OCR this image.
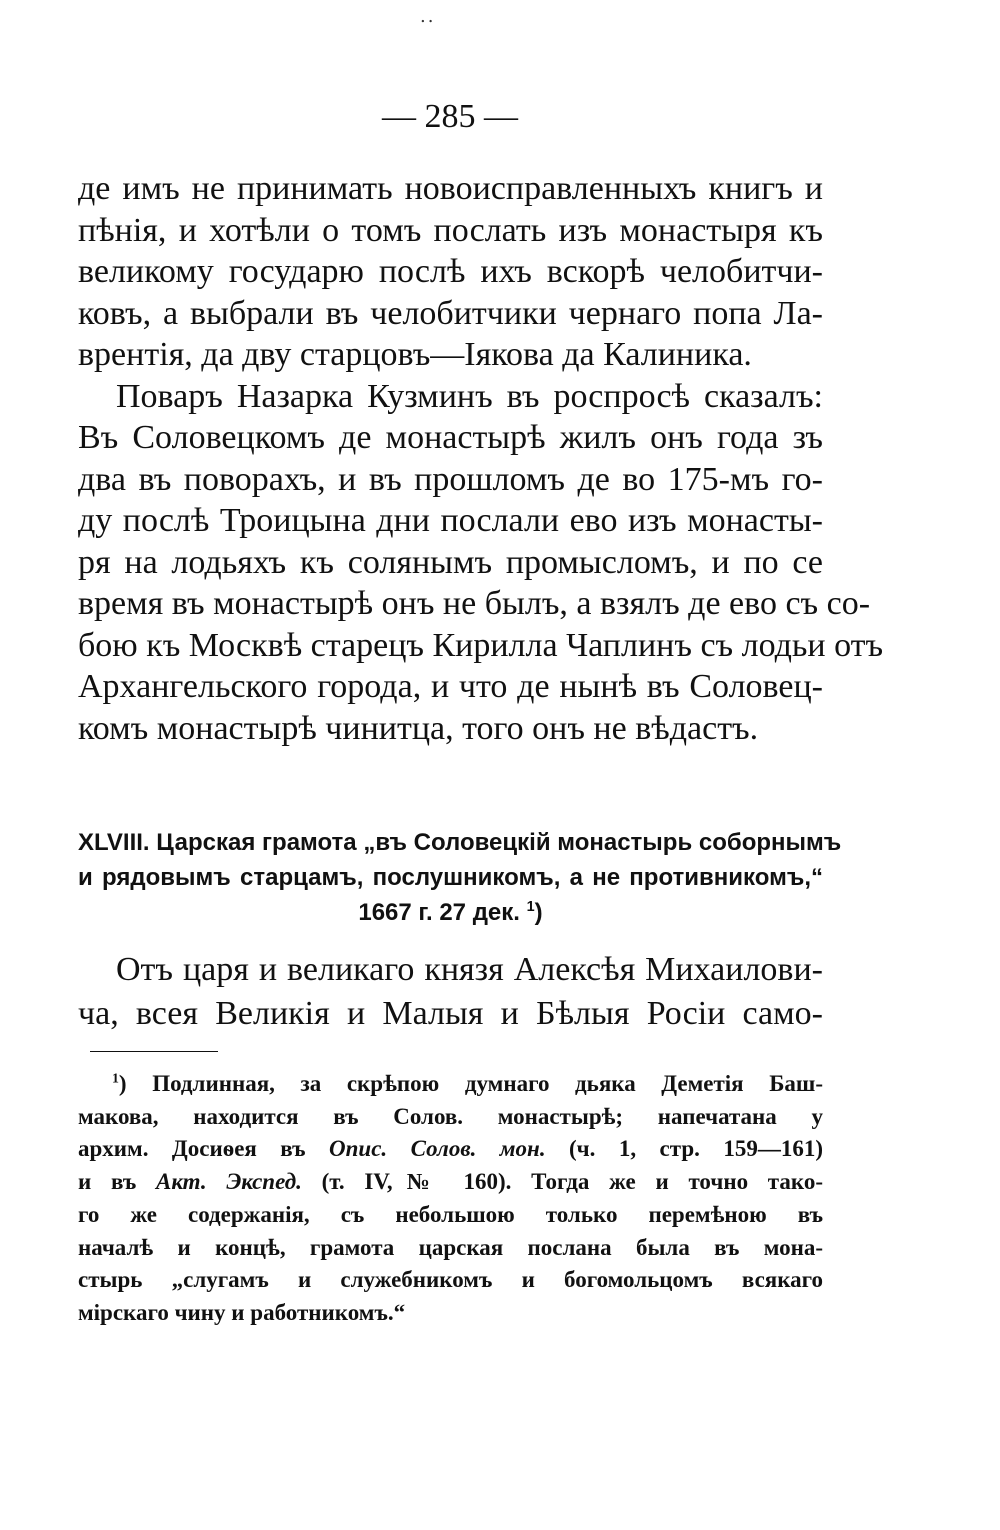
..
— 285 —
де имъ не принимать новоисправленныхъ книгъ и
пѣнія, и хотѣли о томъ послать изъ монастыря къ
великому государю послѣ ихъ вскорѣ челобитчи-
ковъ, а выбрали въ челобитчики чернаго попа Ла-
врентія, да дву старцовъ—Іякова да Калиника.
Поваръ Назарка Кузминъ въ роспросѣ сказалъ:
Въ Соловецкомъ де монастырѣ жилъ онъ года зъ
два въ поворахъ, и въ прошломъ де во 175-мъ го-
ду послѣ Троицына дни послали ево изъ монасты-
ря на лодьяхъ къ солянымъ промысломъ, и по се
время въ монастырѣ онъ не былъ, а взялъ де ево съ со-
бою къ Москвѣ старецъ Кирилла Чаплинъ съ лодьи отъ
Архангельского города, и что де нынѣ въ Соловец-
комъ монастырѣ чинитца, того онъ не вѣдастъ.
XLVIII. Царская грамота „въ Соловецкій монастырь соборнымъ
и рядовымъ старцамъ, послушникомъ, а не противникомъ,“
1667 г. 27 дек. $^1$)
Отъ царя и великаго князя Алексѣя Михаилови-
ча, всея Великія и Малыя и Бѣлыя Росіи само-
$^1$) Подлинная, за скрѣпою думнаго дьяка Деметія Баш-
макова, находится въ Солов. монастырѣ; напечатана у
архим. Досиѳея въ Опис. Солов. мон. (ч. 1, стр. 159—161)
и въ Акт. Экспед. (т. IV,№ 160). Тогда же и точно тако-
го же содержанія, съ небольшою только перемѣною въ
началѣ и концѣ, грамота царская послана была въ мона-
стырь „слугамъ и служебникомъ и богомольцомъ всякаго
мірскаго чину и работникомъ.“
